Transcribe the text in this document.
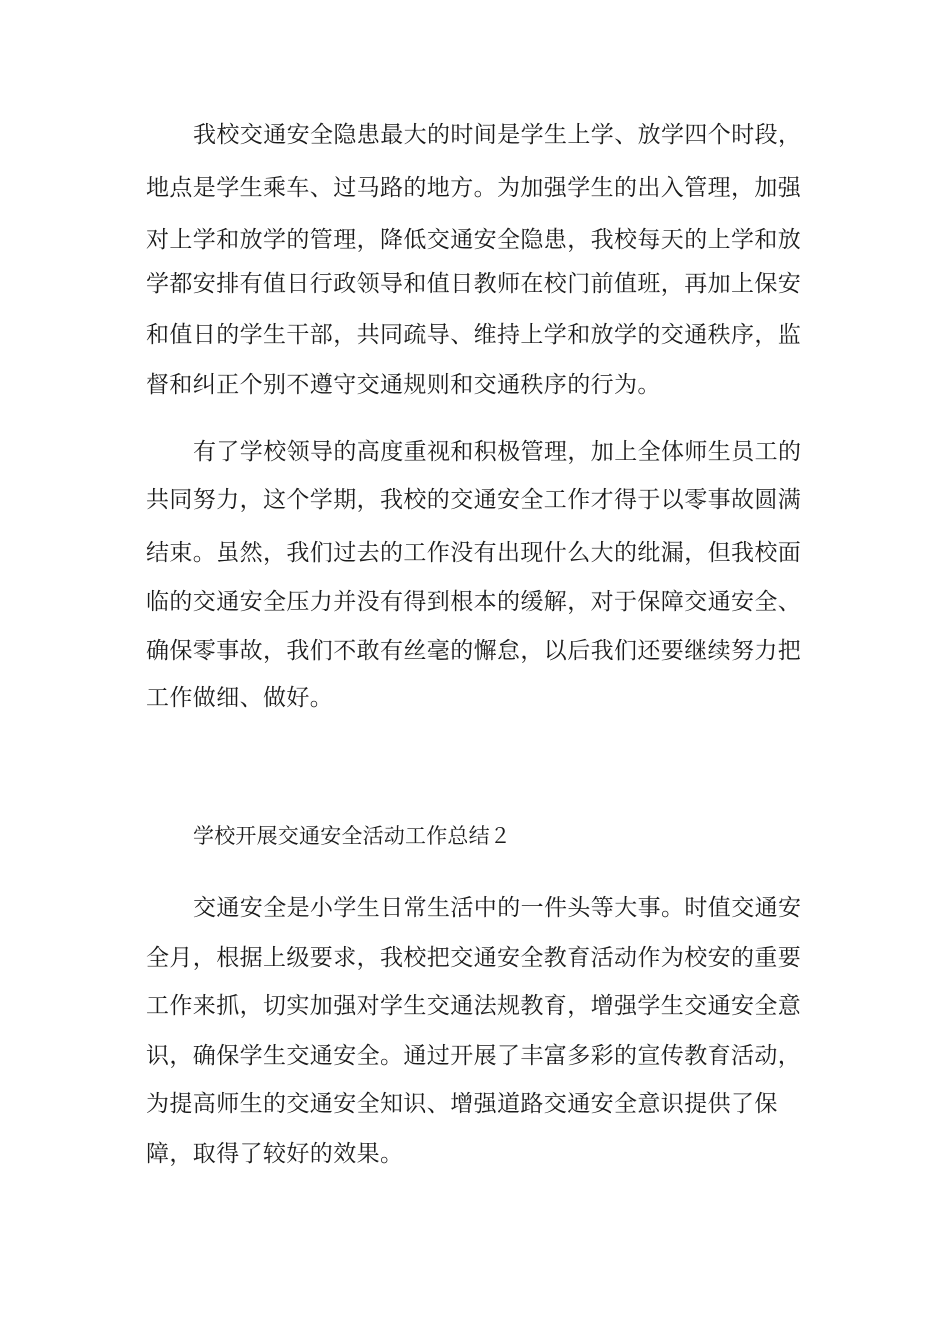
我校交通安全隐患最大的时间是学生上学、放学四个时段，
地点是学生乘车、过马路的地方。为加强学生的出入管理，加强
对上学和放学的管理，降低交通安全隐患，我校每天的上学和放
学都安排有值日行政领导和值日教师在校门前值班，再加上保安
和值日的学生干部，共同疏导、维持上学和放学的交通秩序，监
督和纠正个别不遵守交通规则和交通秩序的行为。
有了学校领导的高度重视和积极管理，加上全体师生员工的
共同努力，这个学期，我校的交通安全工作才得于以零事故圆满
结束。虽然，我们过去的工作没有出现什么大的纰漏，但我校面
临的交通安全压力并没有得到根本的缓解，对于保障交通安全、
确保零事故，我们不敢有丝毫的懈怠，以后我们还要继续努力把
工作做细、做好。
学校开展交通安全活动工作总结２
交通安全是小学生日常生活中的一件头等大事。时值交通安
全月，根据上级要求，我校把交通安全教育活动作为校安的重要
工作来抓，切实加强对学生交通法规教育，增强学生交通安全意
识，确保学生交通安全。通过开展了丰富多彩的宣传教育活动，
为提高师生的交通安全知识、增强道路交通安全意识提供了保
障，取得了较好的效果。
